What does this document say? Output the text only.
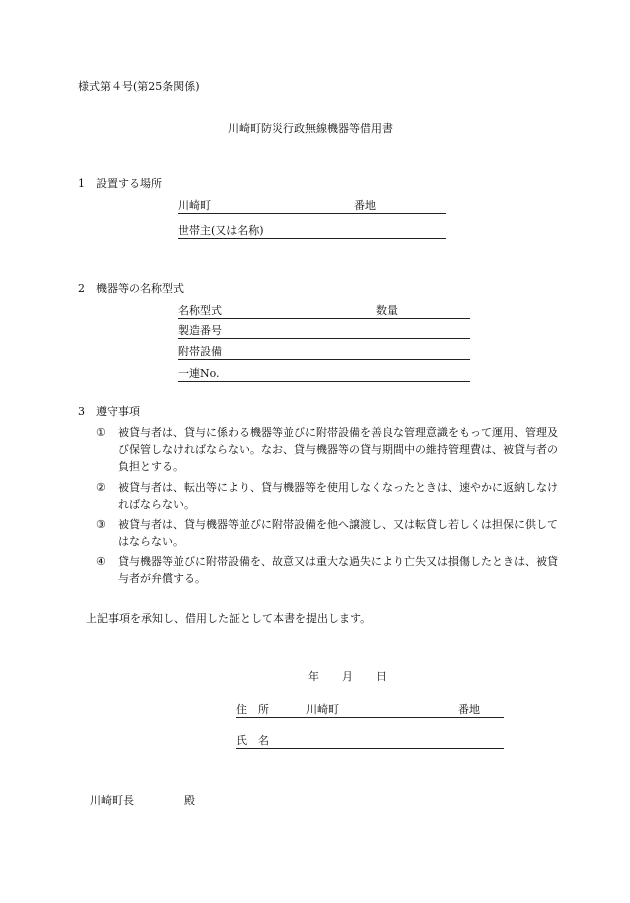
様式第４号(第25条関係)
川崎町防災行政無線機器等借用書
1　設置する場所
川崎町	番地
世帯主(又は名称)
2　機器等の名称型式
名称型式	数量
製造番号
附帯設備
一連No.
3　遵守事項
①	被貸与者は、貸与に係わる機器等並びに附帯設備を善良な管理意識をもって運用、管理及び保管しなければならない。なお、貸与機器等の貸与期間中の維持管理費は、被貸与者の負担とする。
②	被貸与者は、転出等により、貸与機器等を使用しなくなったときは、速やかに返納しなければならない。
③	被貸与者は、貸与機器等並びに附帯設備を他へ譲渡し、又は転貸し若しくは担保に供してはならない。
④	貸与機器等並びに附帯設備を、故意又は重大な過失により亡失又は損傷したときは、被貸与者が弁償する。
上記事項を承知し、借用した証として本書を提出します。
年 月 日
住　所	川崎町	番地
氏　名
川崎町長	殿
